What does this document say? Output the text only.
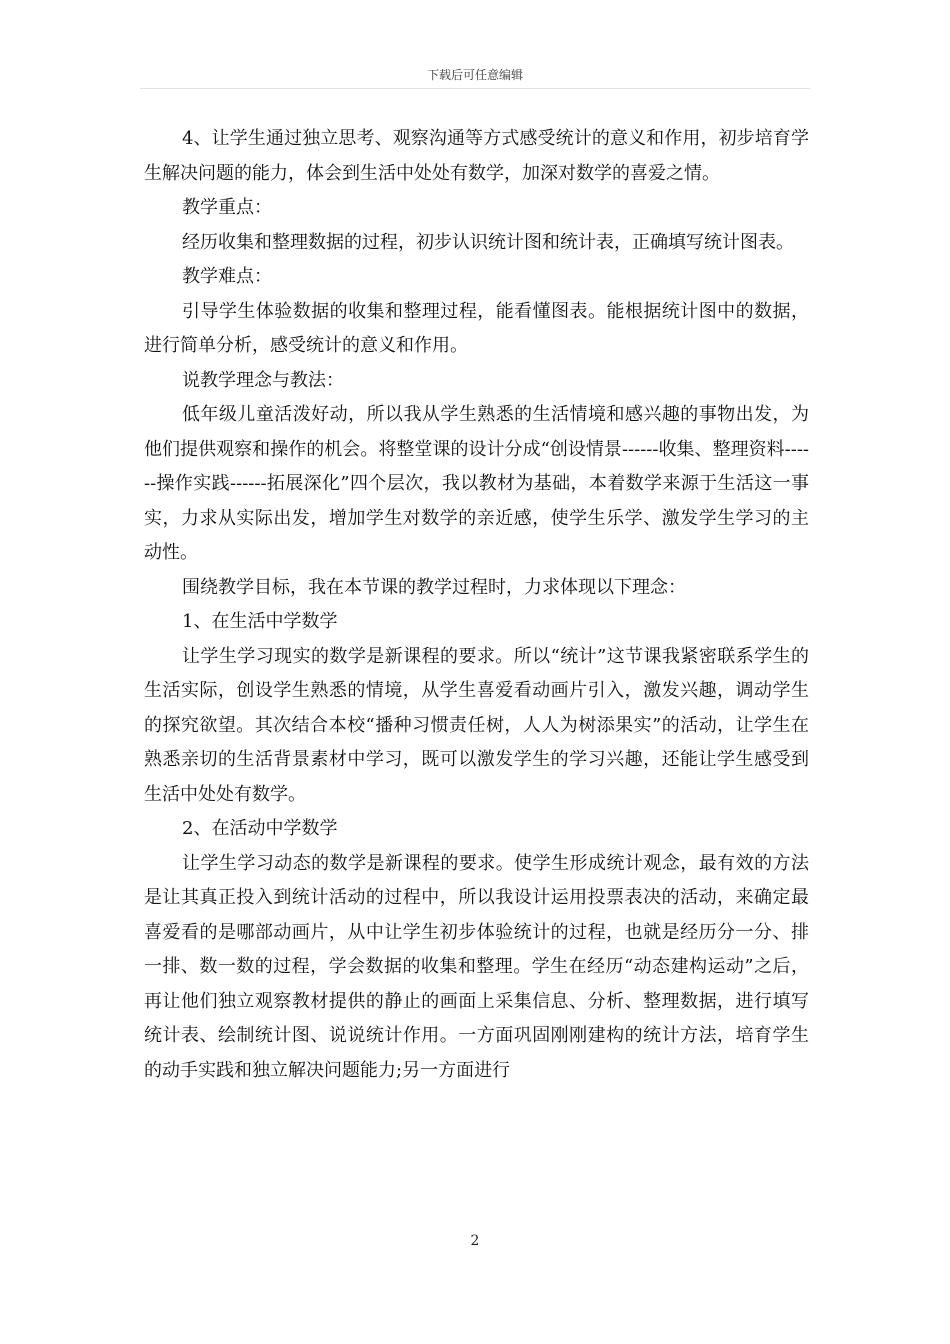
下载后可任意编辑

4、让学生通过独立思考、观察沟通等方式感受统计的意义和作用，初步培育学生解决问题的能力，体会到生活中处处有数学，加深对数学的喜爱之情。

教学重点：

经历收集和整理数据的过程，初步认识统计图和统计表，正确填写统计图表。

教学难点：

引导学生体验数据的收集和整理过程，能看懂图表。能根据统计图中的数据，进行简单分析，感受统计的意义和作用。

说教学理念与教法：

低年级儿童活泼好动，所以我从学生熟悉的生活情境和感兴趣的事物出发，为他们提供观察和操作的机会。将整堂课的设计分成“创设情景------收集、整理资料------操作实践------拓展深化”四个层次，我以教材为基础，本着数学来源于生活这一事实，力求从实际出发，增加学生对数学的亲近感，使学生乐学、激发学生学习的主动性。

围绕教学目标，我在本节课的教学过程时，力求体现以下理念：

1、在生活中学数学

让学生学习现实的数学是新课程的要求。所以“统计”这节课我紧密联系学生的生活实际，创设学生熟悉的情境，从学生喜爱看动画片引入，激发兴趣，调动学生的探究欲望。其次结合本校“播种习惯责任树，人人为树添果实”的活动，让学生在熟悉亲切的生活背景素材中学习，既可以激发学生的学习兴趣，还能让学生感受到生活中处处有数学。

2、在活动中学数学

让学生学习动态的数学是新课程的要求。使学生形成统计观念，最有效的方法是让其真正投入到统计活动的过程中，所以我设计运用投票表决的活动，来确定最喜爱看的是哪部动画片，从中让学生初步体验统计的过程，也就是经历分一分、排一排、数一数的过程，学会数据的收集和整理。学生在经历“动态建构运动”之后，再让他们独立观察教材提供的静止的画面上采集信息、分析、整理数据，进行填写统计表、绘制统计图、说说统计作用。一方面巩固刚刚建构的统计方法，培育学生的动手实践和独立解决问题能力;另一方面进行

2
